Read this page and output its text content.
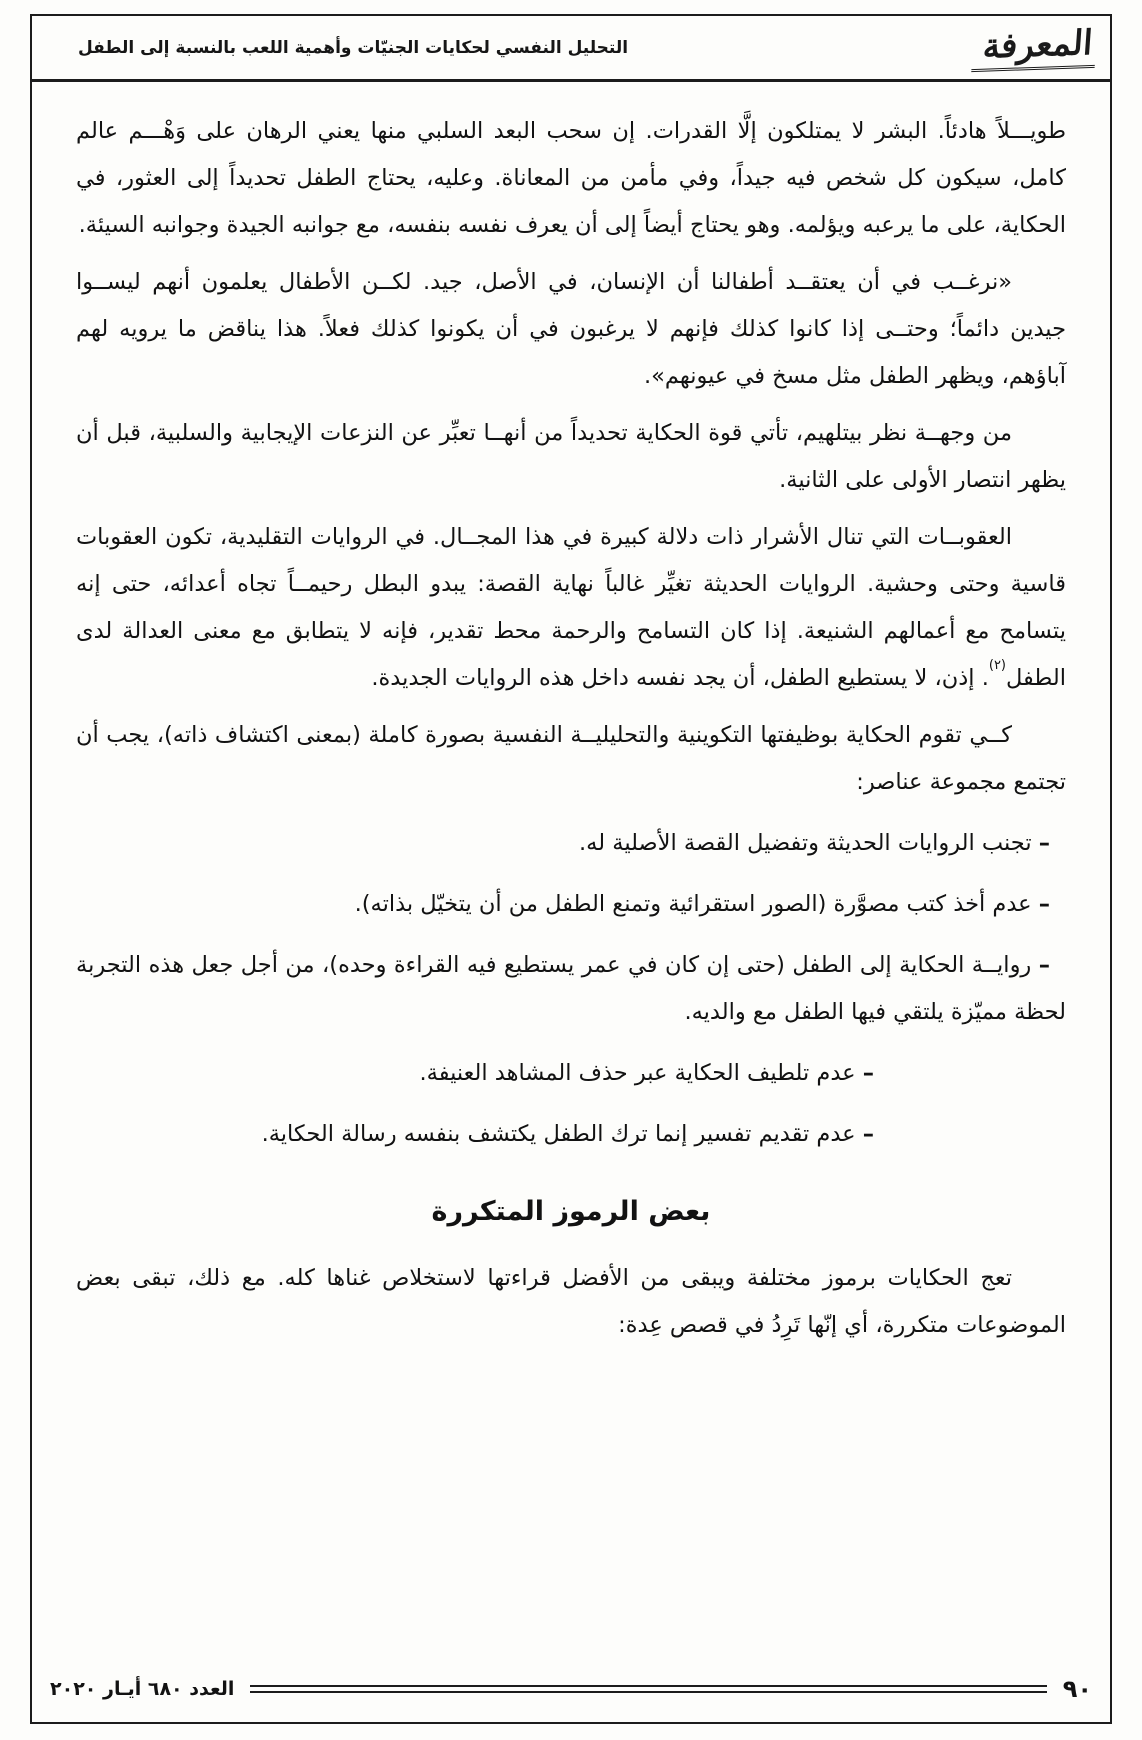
المعرفة
التحليل النفسي لحكايات الجنيّات وأهمية اللعب بالنسبة إلى الطفل

طويـــلاً هادئاً. البشر لا يمتلكون إلَّا القدرات. إن سحب البعد السلبي منها يعني الرهان على وَهْـــم عالم كامل، سيكون كل شخص فيه جيداً، وفي مأمن من المعاناة. وعليه، يحتاج الطفل تحديداً إلى العثور، في الحكاية، على ما يرعبه ويؤلمه. وهو يحتاج أيضاً إلى أن يعرف نفسه بنفسه، مع جوانبه الجيدة وجوانبه السيئة.

«نرغــب في أن يعتقــد أطفالنا أن الإنسان، في الأصل، جيد. لكــن الأطفال يعلمون أنهم ليســوا جيدين دائماً؛ وحتــى إذا كانوا كذلك فإنهم لا يرغبون في أن يكونوا كذلك فعلاً. هذا يناقض ما يرويه لهم آباؤهم، ويظهر الطفل مثل مسخ في عيونهم».

من وجهــة نظر بيتلهيم، تأتي قوة الحكاية تحديداً من أنهــا تعبِّر عن النزعات الإيجابية والسلبية، قبل أن يظهر انتصار الأولى على الثانية.

العقوبــات التي تنال الأشرار ذات دلالة كبيرة في هذا المجــال. في الروايات التقليدية، تكون العقوبات قاسية وحتى وحشية. الروايات الحديثة تغيِّر غالباً نهاية القصة: يبدو البطل رحيمــاً تجاه أعدائه، حتى إنه يتسامح مع أعمالهم الشنيعة. إذا كان التسامح والرحمة محط تقدير، فإنه لا يتطابق مع معنى العدالة لدى الطفل$^{(٢)}$. إذن، لا يستطيع الطفل، أن يجد نفسه داخل هذه الروايات الجديدة.

كــي تقوم الحكاية بوظيفتها التكوينية والتحليليــة النفسية بصورة كاملة (بمعنى اكتشاف ذاته)، يجب أن تجتمع مجموعة عناصر:

– تجنب الروايات الحديثة وتفضيل القصة الأصلية له.

– عدم أخذ كتب مصوَّرة (الصور استقرائية وتمنع الطفل من أن يتخيّل بذاته).

– روايــة الحكاية إلى الطفل (حتى إن كان في عمر يستطيع فيه القراءة وحده)، من أجل جعل هذه التجربة لحظة مميّزة يلتقي فيها الطفل مع والديه.

– عدم تلطيف الحكاية عبر حذف المشاهد العنيفة.

– عدم تقديم تفسير إنما ترك الطفل يكتشف بنفسه رسالة الحكاية.

بعض الرموز المتكررة

تعج الحكايات برموز مختلفة ويبقى من الأفضل قراءتها لاستخلاص غناها كله. مع ذلك، تبقى بعض الموضوعات متكررة، أي إنّها تَرِدُ في قصص عِدة:

العدد ٦٨٠ أيـار ٢٠٢٠	٩٠
